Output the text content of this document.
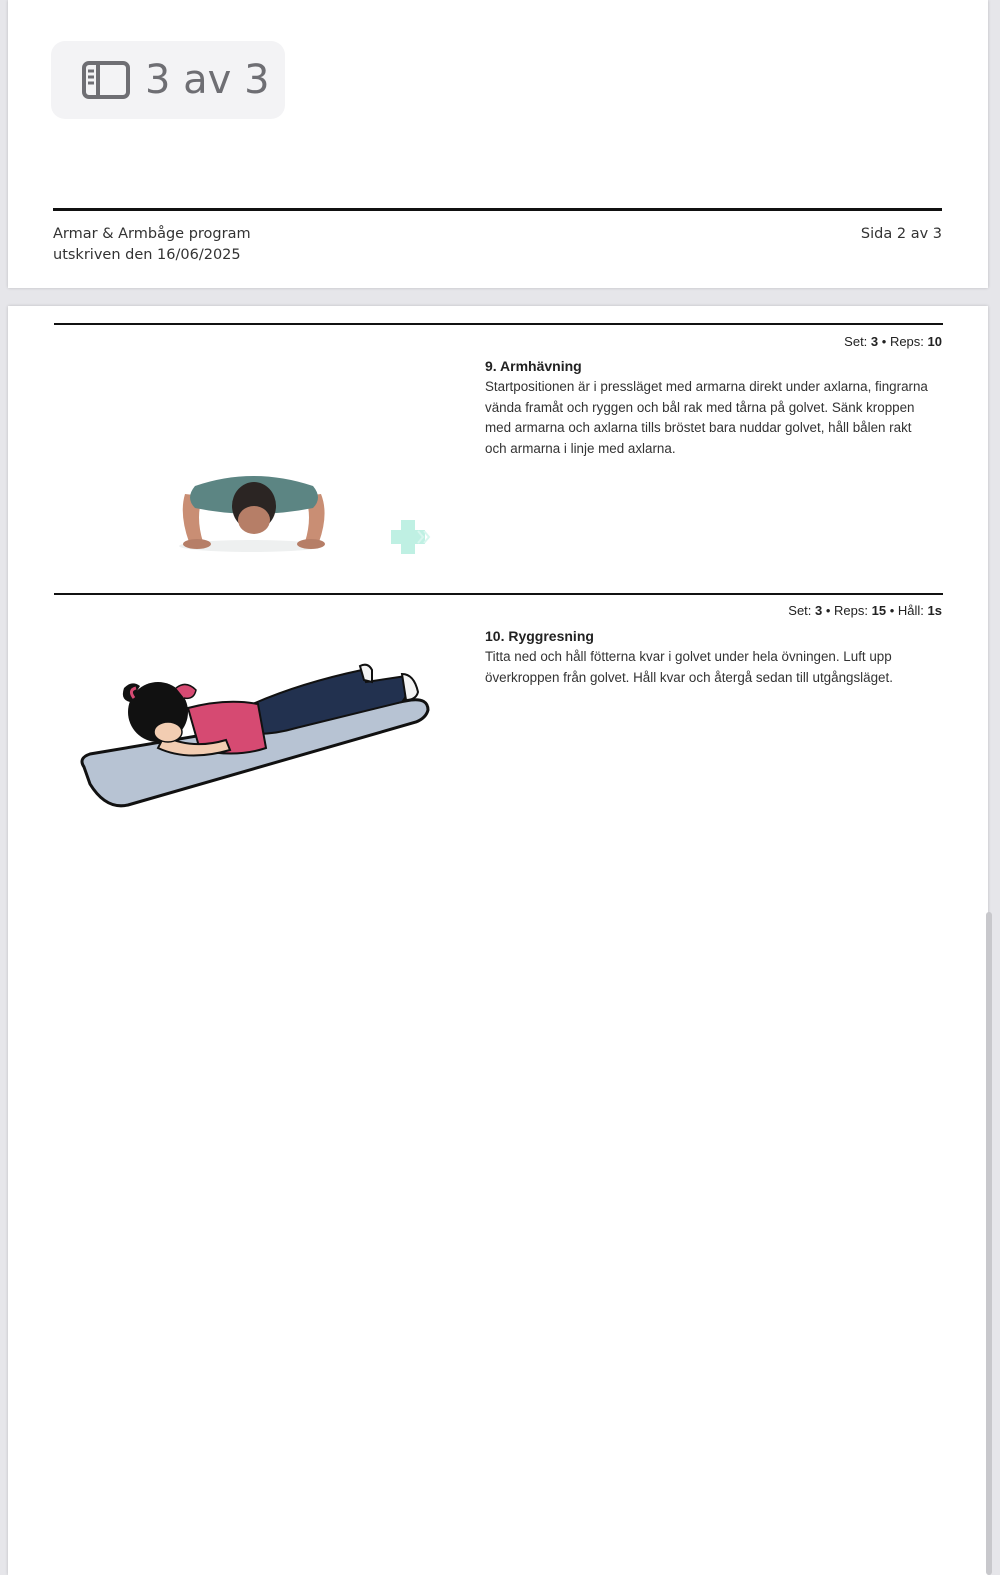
3 av 3
Armar & Armbåge program
utskriven den 16/06/2025
Sida 2 av 3
Set: 3 • Reps: 10
9. Armhävning
Startpositionen är i pressläget med armarna direkt under axlarna, fingrarna vända framåt och ryggen och bål rak med tårna på golvet. Sänk kroppen med armarna och axlarna tills bröstet bara nuddar golvet, håll bålen rakt och armarna i linje med axlarna.
Set: 3 • Reps: 15 • Håll: 1s
10. Ryggresning
Titta ned och håll fötterna kvar i golvet under hela övningen. Luft upp överkroppen från golvet. Håll kvar och återgå sedan till utgångsläget.
